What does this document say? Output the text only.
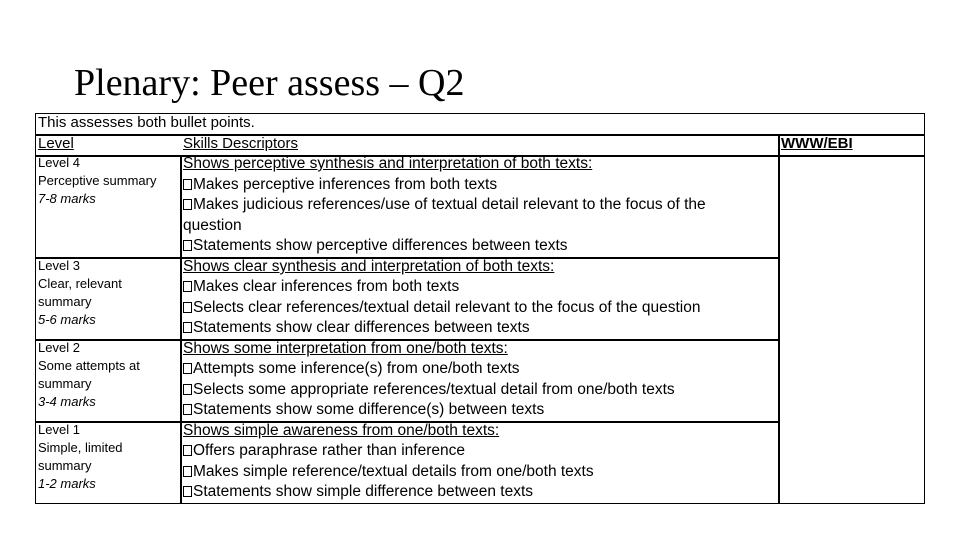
Plenary: Peer assess – Q2
This assesses both bullet points.
Level	Skills Descriptors	WWW/EBI
Level 4
Perceptive summary
7-8 marks
Shows perceptive synthesis and interpretation of both texts:
Makes perceptive inferences from both texts
Makes judicious references/use of textual detail relevant to the focus of the
question
Statements show perceptive differences between texts
Level 3
Clear, relevant
summary
5-6 marks
Shows clear synthesis and interpretation of both texts:
Makes clear inferences from both texts
Selects clear references/textual detail relevant to the focus of the question
Statements show clear differences between texts
Level 2
Some attempts at
summary
3-4 marks
Shows some interpretation from one/both texts:
Attempts some inference(s) from one/both texts
Selects some appropriate references/textual detail from one/both texts
Statements show some difference(s) between texts
Level 1
Simple, limited
summary
1-2 marks
Shows simple awareness from one/both texts:
Offers paraphrase rather than inference
Makes simple reference/textual details from one/both texts
Statements show simple difference between texts
